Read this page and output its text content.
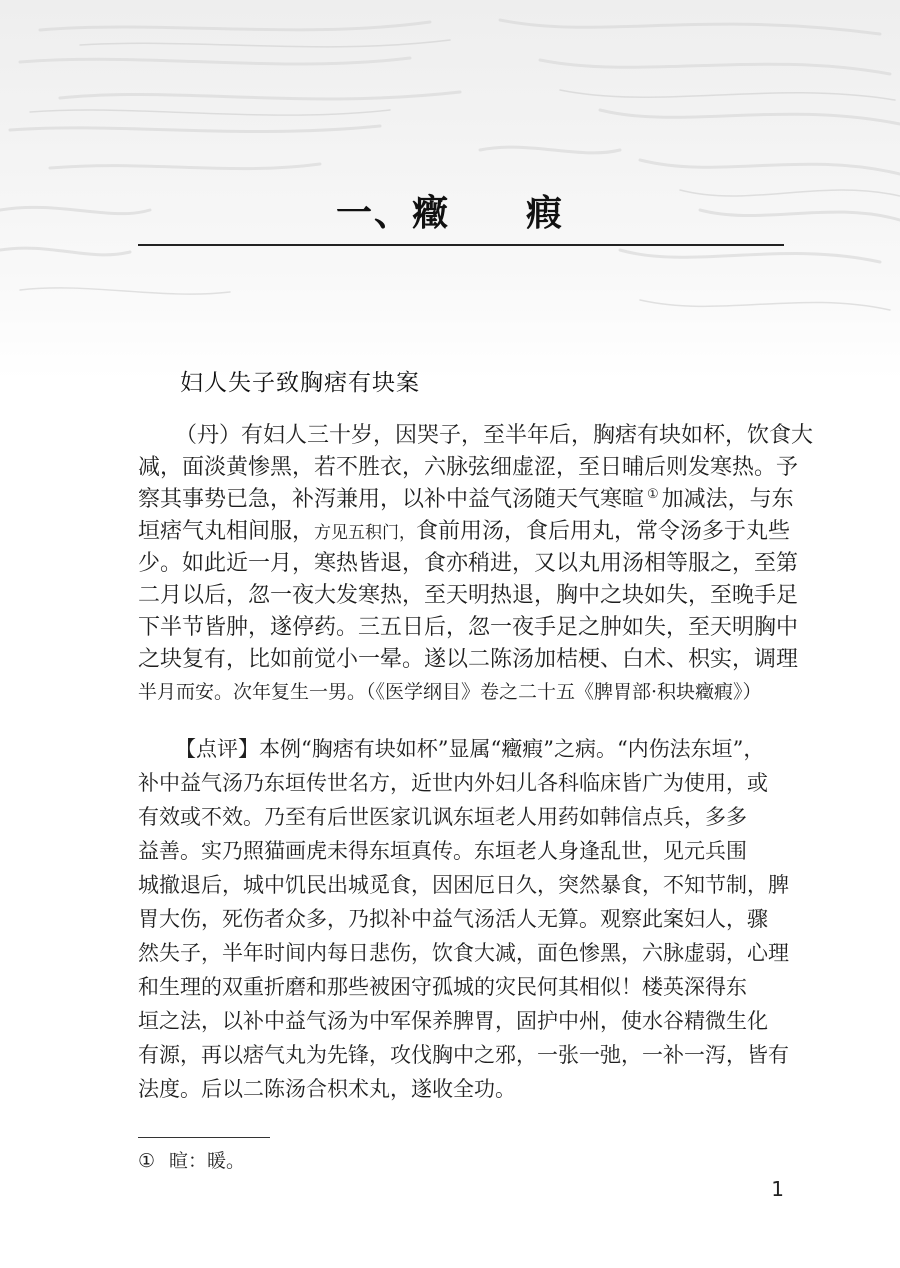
一、癥　　瘕
妇人失子致胸痞有块案
（丹）有妇人三十岁，因哭子，至半年后，胸痞有块如杯，饮食大
减，面淡黄惨黑，若不胜衣，六脉弦细虚涩，至日晡后则发寒热。予
察其事势已急，补泻兼用，以补中益气汤随天气寒暄 ① 加减法，与东
垣痞气丸相间服，方见五积门，食前用汤，食后用丸，常令汤多于丸些
少。如此近一月，寒热皆退，食亦稍进，又以丸用汤相等服之，至第
二月以后，忽一夜大发寒热，至天明热退，胸中之块如失，至晚手足
下半节皆肿，遂停药。三五日后，忽一夜手足之肿如失，至天明胸中
之块复有，比如前觉小一晕。遂以二陈汤加桔梗、白术、枳实，调理
半月而安。次年复生一男。（《医学纲目》卷之二十五《脾胃部·积块癥瘕》）
【点评】本例“胸痞有块如杯”显属“癥瘕”之病。“内伤法东垣”，
补中益气汤乃东垣传世名方，近世内外妇儿各科临床皆广为使用，或
有效或不效。乃至有后世医家讥讽东垣老人用药如韩信点兵，多多
益善。实乃照猫画虎未得东垣真传。东垣老人身逢乱世，见元兵围
城撤退后，城中饥民出城觅食，因困厄日久，突然暴食，不知节制，脾
胃大伤，死伤者众多，乃拟补中益气汤活人无算。观察此案妇人，骤
然失子，半年时间内每日悲伤，饮食大减，面色惨黑，六脉虚弱，心理
和生理的双重折磨和那些被困守孤城的灾民何其相似！楼英深得东
垣之法，以补中益气汤为中军保养脾胃，固护中州，使水谷精微生化
有源，再以痞气丸为先锋，攻伐胸中之邪，一张一弛，一补一泻，皆有
法度。后以二陈汤合枳术丸，遂收全功。
① 暄：暖。
1
